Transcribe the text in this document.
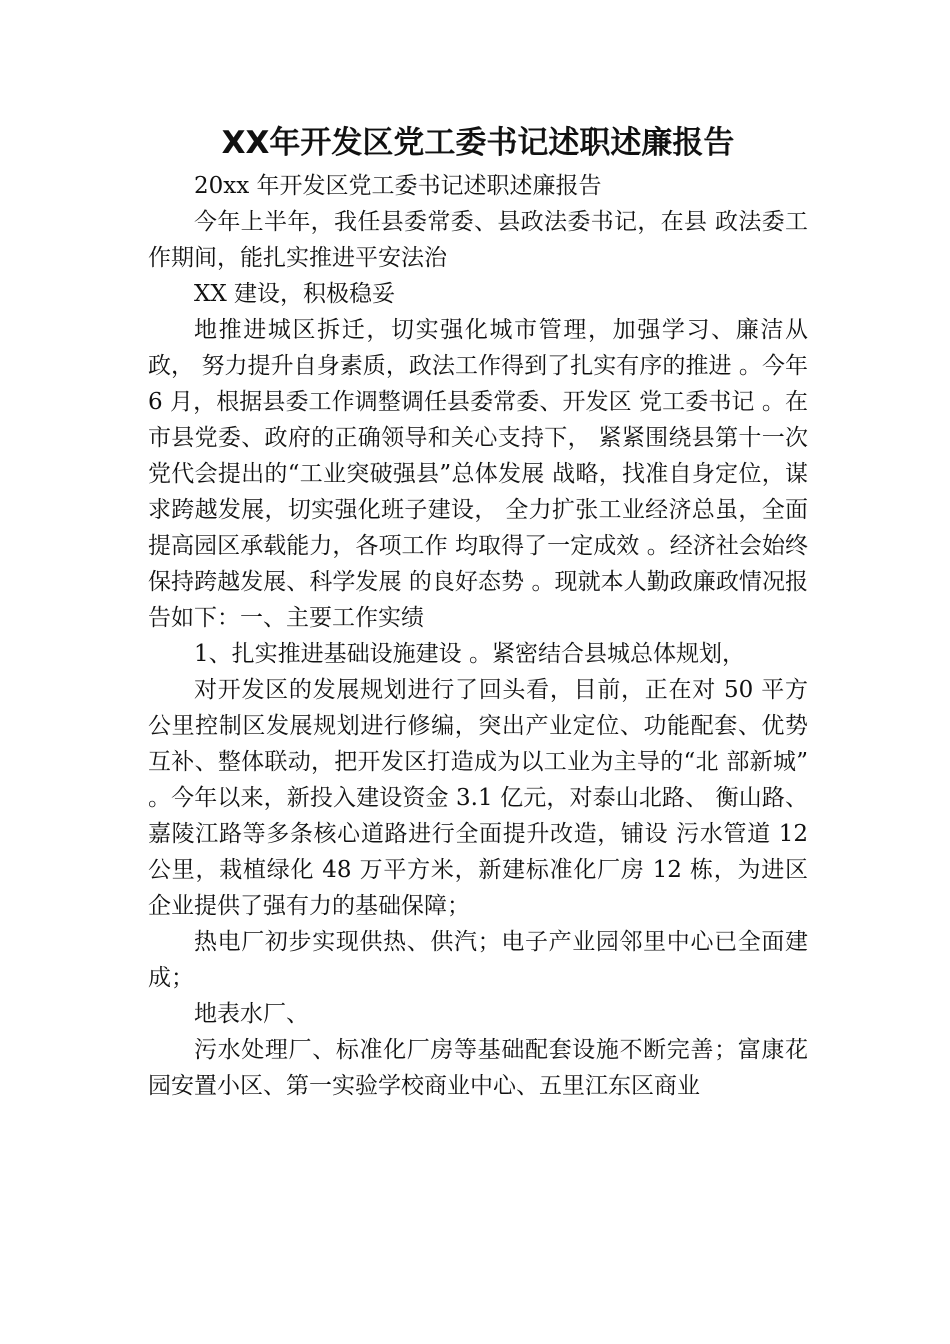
XX年开发区党工委书记述职述廉报告

20xx 年开发区党工委书记述职述廉报告

今年上半年，我任县委常委、县政法委书记，在县 政法委工作期间，能扎实推进平安法治

XX 建设，积极稳妥

地推进城区拆迁，切实强化城市管理，加强学习、廉洁从政， 努力提升自身素质，政法工作得到了扎实有序的推进 。今年 6 月，根据县委工作调整调任县委常委、开发区 党工委书记 。在市县党委、政府的正确领导和关心支持下， 紧紧围绕县第十一次党代会提出的“工业突破强县”总体发展 战略，找准自身定位，谋求跨越发展，切实强化班子建设， 全力扩张工业经济总虽，全面提高园区承载能力，各项工作 均取得了一定成效 。经济社会始终保持跨越发展、科学发展 的良好态势 。现就本人勤政廉政情况报告如下：一、主要工作实绩

1、扎实推进基础设施建设 。紧密结合县城总体规划，

对开发区的发展规划进行了回头看，目前，正在对 50 平方 公里控制区发展规划进行修编，突出产业定位、功能配套、优势互补、整体联动，把开发区打造成为以工业为主导的“北 部新城” 。今年以来，新投入建设资金 3.1 亿元，对泰山北路、 衡山路、嘉陵江路等多条核心道路进行全面提升改造，铺设 污水管道 12 公里，栽植绿化 48 万平方米，新建标准化厂房 12 栋，为进区企业提供了强有力的基础保障；

热电厂初步实现供热、供汽；电子产业园邻里中心已全面建成；

地表水厂、

污水处理厂、标准化厂房等基础配套设施不断完善；富康花 园安置小区、第一实验学校商业中心、五里江东区商业
